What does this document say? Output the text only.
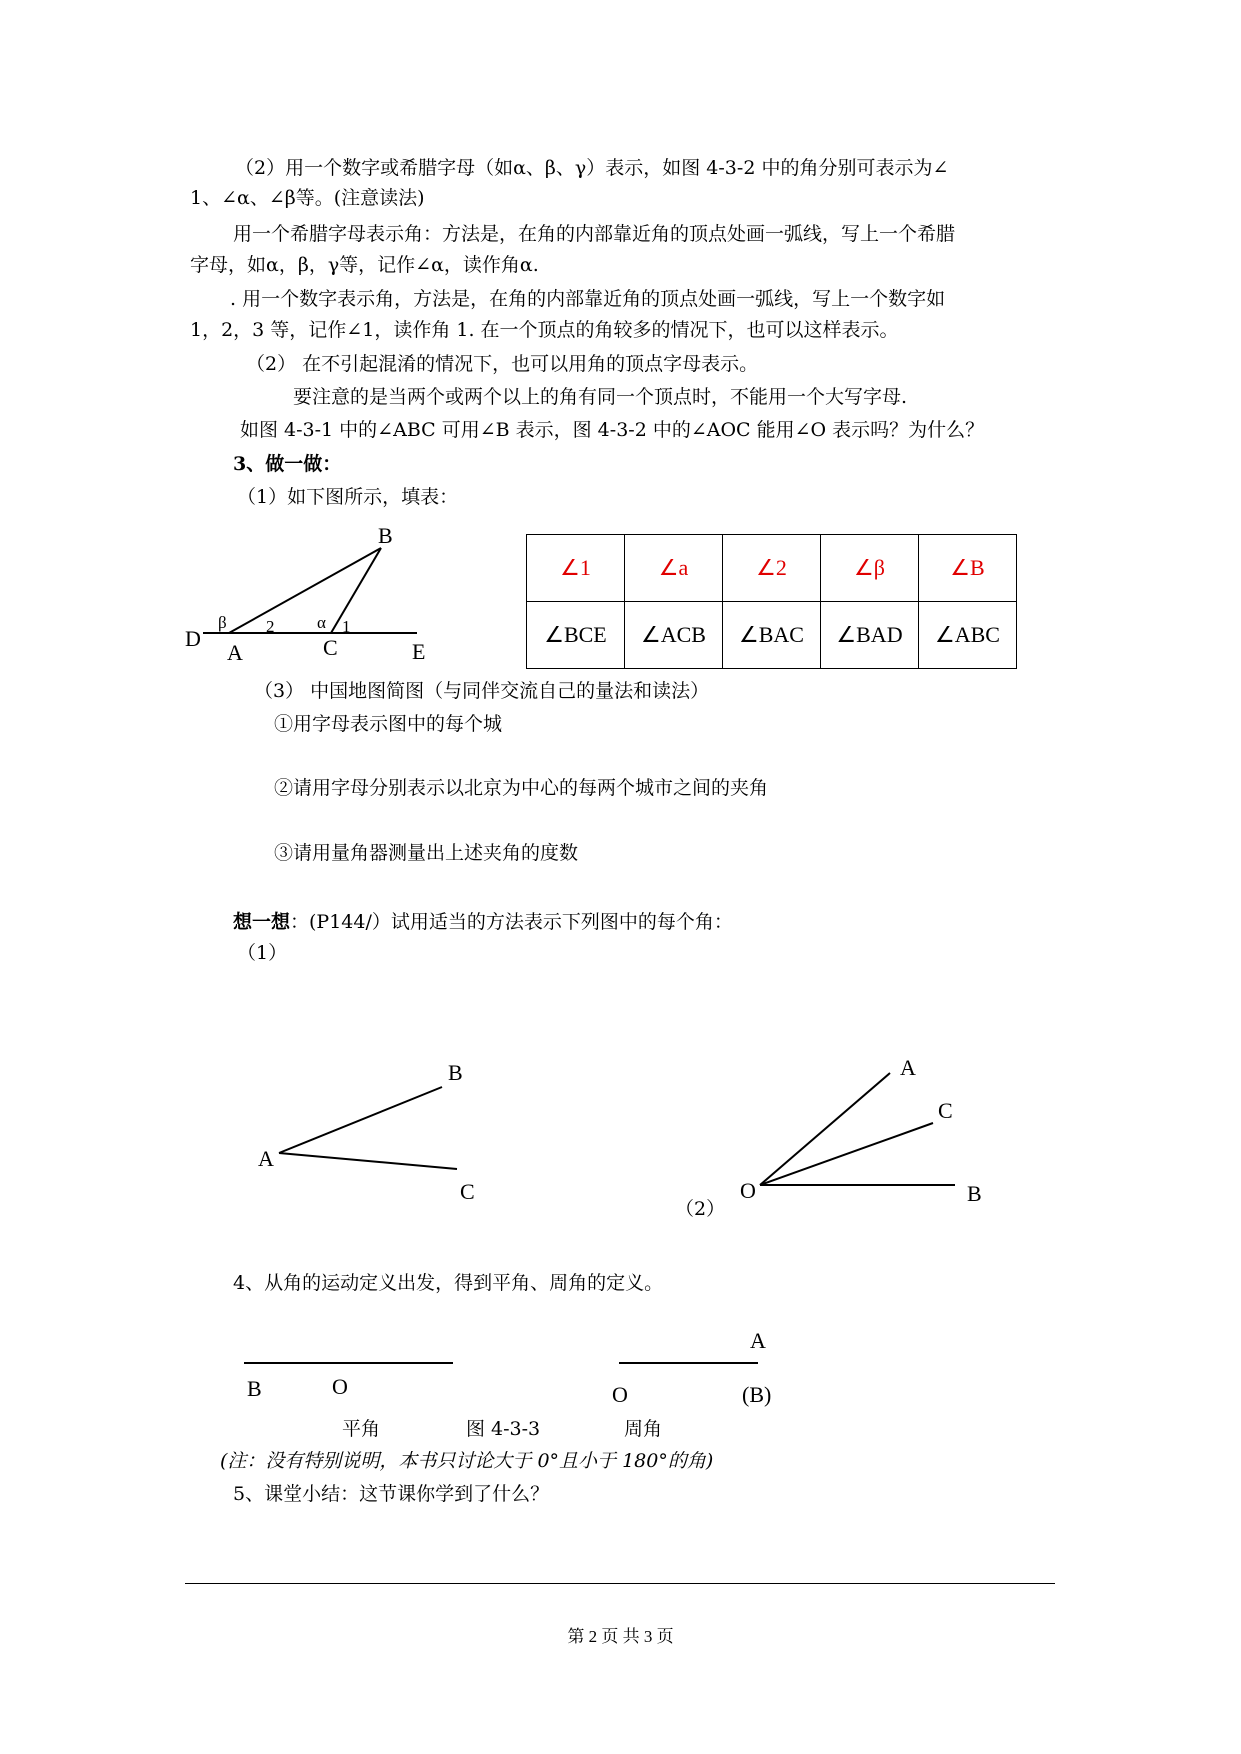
（2）用一个数字或希腊字母（如α、β、γ）表示，如图 4-3-2 中的角分别可表示为∠
1、∠α、∠β等。(注意读法)
用一个希腊字母表示角：方法是，在角的内部靠近角的顶点处画一弧线，写上一个希腊
字母，如α，β，γ等，记作∠α，读作角α.
. 用一个数字表示角，方法是，在角的内部靠近角的顶点处画一弧线，写上一个数字如
1，2，3 等，记作∠1，读作角 1. 在一个顶点的角较多的情况下，也可以这样表示。
（2） 在不引起混淆的情况下，也可以用角的顶点字母表示。
要注意的是当两个或两个以上的角有同一个顶点时，不能用一个大写字母.
如图 4-3-1 中的∠ABC 可用∠B 表示，图 4-3-2 中的∠AOC 能用∠O 表示吗？为什么？
3、做一做：
（1）如下图所示，填表：
B
D
A	C	E
β 2	α 1
∠1	∠a	∠2	∠β	∠B
∠BCE	∠ACB	∠BAC	∠BAD	∠ABC
（3） 中国地图简图（与同伴交流自己的量法和读法）
①用字母表示图中的每个城
②请用字母分别表示以北京为中心的每两个城市之间的夹角
③请用量角器测量出上述夹角的度数
想一想：(P144/）试用适当的方法表示下列图中的每个角：
（1）
B
A
C
A
C
O	B
（2）
4、从角的运动定义出发，得到平角、周角的定义。
B	O	O
A
(B)
平角	图 4-3-3	周角
(注：没有特别说明，本书只讨论大于 0°且小于 180°的角)
5、课堂小结：这节课你学到了什么？
第 2 页 共 3 页
